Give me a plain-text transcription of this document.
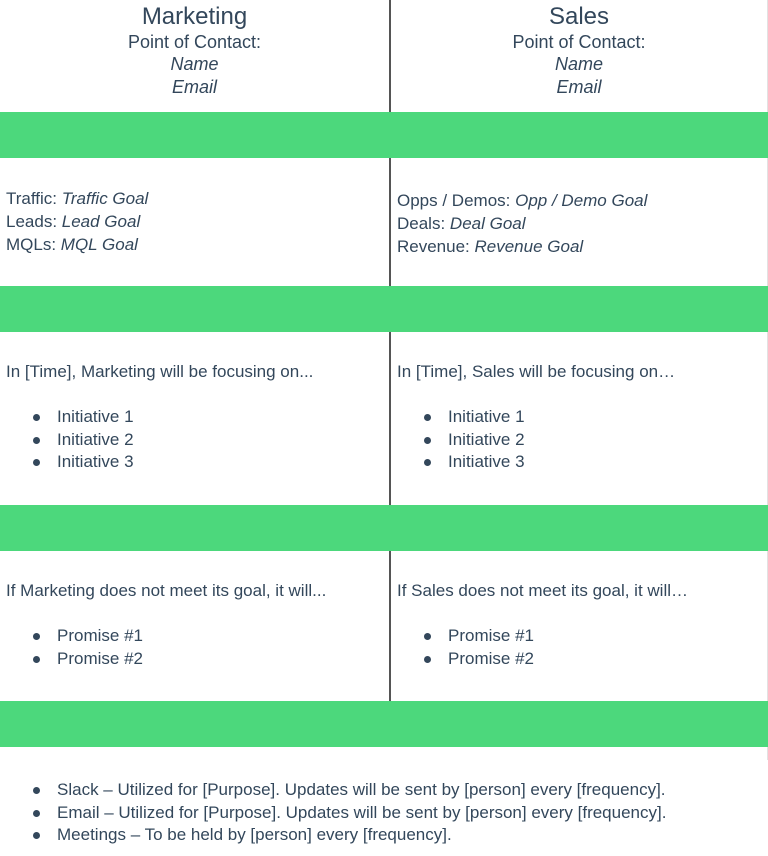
Marketing
Point of Contact:
Name
Email
Sales
Point of Contact:
Name
Email
Traffic: Traffic Goal
Leads: Lead Goal
MQLs: MQL Goal
Opps / Demos: Opp / Demo Goal
Deals: Deal Goal
Revenue: Revenue Goal
In [Time], Marketing will be focusing on...
Initiative 1
Initiative 2
Initiative 3
In [Time], Sales will be focusing on…
Initiative 1
Initiative 2
Initiative 3
If Marketing does not meet its goal, it will...
Promise #1
Promise #2
If Sales does not meet its goal, it will…
Promise #1
Promise #2
Slack – Utilized for [Purpose]. Updates will be sent by [person] every [frequency].
Email – Utilized for [Purpose]. Updates will be sent by [person] every [frequency].
Meetings – To be held by [person] every [frequency].
